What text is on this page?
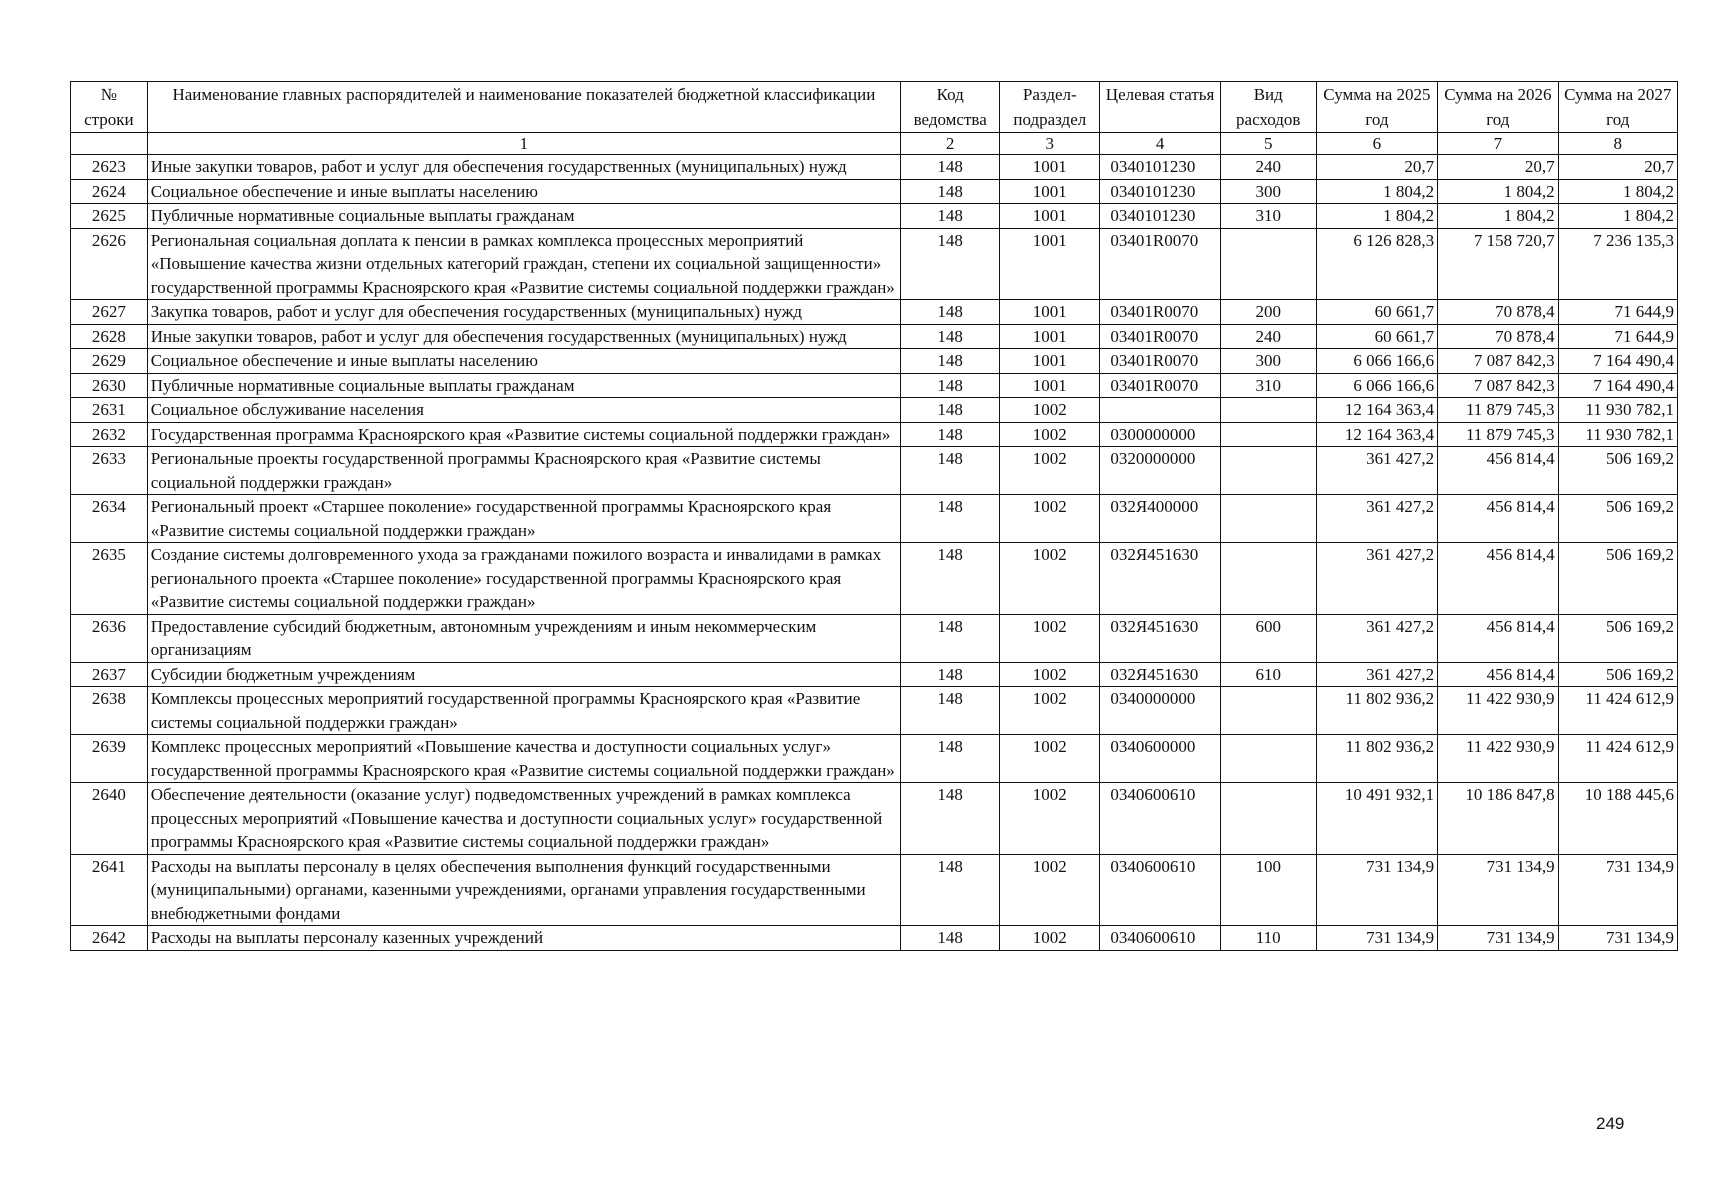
№ строки	Наименование главных распорядителей и наименование показателей бюджетной классификации	Код ведомства	Раздел-подраздел	Целевая статья	Вид расходов	Сумма на 2025 год	Сумма на 2026 год	Сумма на 2027 год
	1	2	3	4	5	6	7	8
2623	Иные закупки товаров, работ и услуг для обеспечения государственных (муниципальных) нужд	148	1001	0340101230	240	20,7	20,7	20,7
2624	Социальное обеспечение и иные выплаты населению	148	1001	0340101230	300	1 804,2	1 804,2	1 804,2
2625	Публичные нормативные социальные выплаты гражданам	148	1001	0340101230	310	1 804,2	1 804,2	1 804,2
2626	Региональная социальная доплата к пенсии в рамках комплекса процессных мероприятий «Повышение качества жизни отдельных категорий граждан, степени их социальной защищенности» государственной программы Красноярского края «Развитие системы социальной поддержки граждан»	148	1001	03401R0070		6 126 828,3	7 158 720,7	7 236 135,3
2627	Закупка товаров, работ и услуг для обеспечения государственных (муниципальных) нужд	148	1001	03401R0070	200	60 661,7	70 878,4	71 644,9
2628	Иные закупки товаров, работ и услуг для обеспечения государственных (муниципальных) нужд	148	1001	03401R0070	240	60 661,7	70 878,4	71 644,9
2629	Социальное обеспечение и иные выплаты населению	148	1001	03401R0070	300	6 066 166,6	7 087 842,3	7 164 490,4
2630	Публичные нормативные социальные выплаты гражданам	148	1001	03401R0070	310	6 066 166,6	7 087 842,3	7 164 490,4
2631	Социальное обслуживание населения	148	1002			12 164 363,4	11 879 745,3	11 930 782,1
2632	Государственная программа Красноярского края «Развитие системы социальной поддержки граждан»	148	1002	0300000000		12 164 363,4	11 879 745,3	11 930 782,1
2633	Региональные проекты государственной программы Красноярского края «Развитие системы социальной поддержки граждан»	148	1002	0320000000		361 427,2	456 814,4	506 169,2
2634	Региональный проект «Старшее поколение» государственной программы Красноярского края «Развитие системы социальной поддержки граждан»	148	1002	032Я400000		361 427,2	456 814,4	506 169,2
2635	Создание системы долговременного ухода за гражданами пожилого возраста и инвалидами в рамках регионального проекта «Старшее поколение» государственной программы Красноярского края «Развитие системы социальной поддержки граждан»	148	1002	032Я451630		361 427,2	456 814,4	506 169,2
2636	Предоставление субсидий бюджетным, автономным учреждениям и иным некоммерческим организациям	148	1002	032Я451630	600	361 427,2	456 814,4	506 169,2
2637	Субсидии бюджетным учреждениям	148	1002	032Я451630	610	361 427,2	456 814,4	506 169,2
2638	Комплексы процессных мероприятий государственной программы Красноярского края «Развитие системы социальной поддержки граждан»	148	1002	0340000000		11 802 936,2	11 422 930,9	11 424 612,9
2639	Комплекс процессных мероприятий «Повышение качества и доступности социальных услуг» государственной программы Красноярского края «Развитие системы социальной поддержки граждан»	148	1002	0340600000		11 802 936,2	11 422 930,9	11 424 612,9
2640	Обеспечение деятельности (оказание услуг) подведомственных учреждений в рамках комплекса процессных мероприятий «Повышение качества и доступности социальных услуг» государственной программы Красноярского края «Развитие системы социальной поддержки граждан»	148	1002	0340600610		10 491 932,1	10 186 847,8	10 188 445,6
2641	Расходы на выплаты персоналу в целях обеспечения выполнения функций государственными (муниципальными) органами, казенными учреждениями, органами управления государственными внебюджетными фондами	148	1002	0340600610	100	731 134,9	731 134,9	731 134,9
2642	Расходы на выплаты персоналу казенных учреждений	148	1002	0340600610	110	731 134,9	731 134,9	731 134,9
249
